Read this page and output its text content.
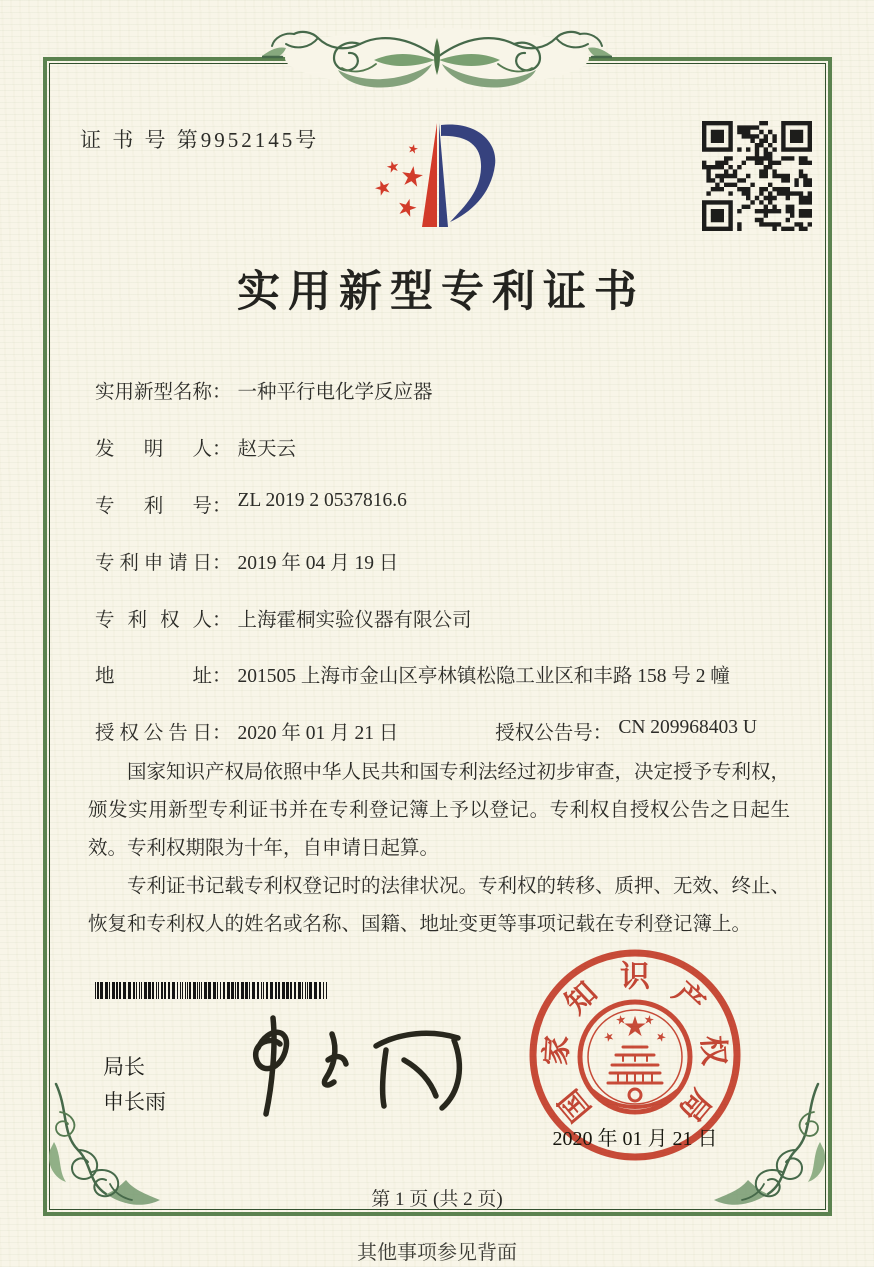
证 书 号 第9952145号
实用新型专利证书
实用新型名称： 一种平行电化学反应器
发明人： 赵天云
专利号： ZL 2019 2 0537816.6
专利申请日： 2019 年 04 月 19 日
专利权人： 上海霍桐实验仪器有限公司
地址： 201505 上海市金山区亭林镇松隐工业区和丰路 158 号 2 幢
授权公告日： 2020 年 01 月 21 日	授权公告号： CN 209968403 U

国家知识产权局依照中华人民共和国专利法经过初步审查，决定授予专利权，颁发实用新型专利证书并在专利登记簿上予以登记。专利权自授权公告之日起生效。专利权期限为十年，自申请日起算。

专利证书记载专利权登记时的法律状况。专利权的转移、质押、无效、终止、恢复和专利权人的姓名或名称、国籍、地址变更等事项记载在专利登记簿上。

局长
申长雨	国
家
知 识 产
权
局
2020 年 01 月 21 日
第 1 页 (共 2 页)
其他事项参见背面
